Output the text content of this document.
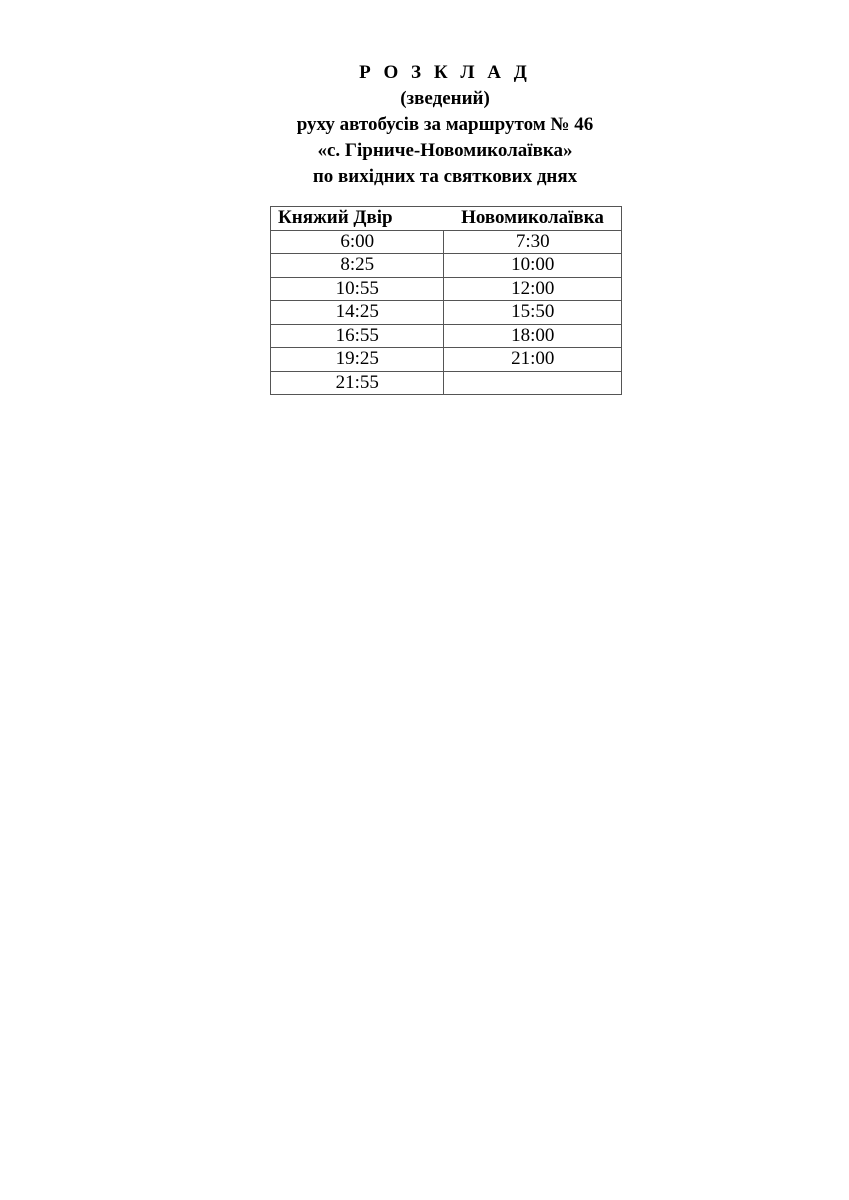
Р О З К Л А Д
(зведений)
руху автобусів за маршрутом № 46
«с. Гірниче-Новомиколаївка»
по вихідних та святкових днях
Княжий Двір	Новомиколаївка
6:00	7:30
8:25	10:00
10:55	12:00
14:25	15:50
16:55	18:00
19:25	21:00
21:55	
